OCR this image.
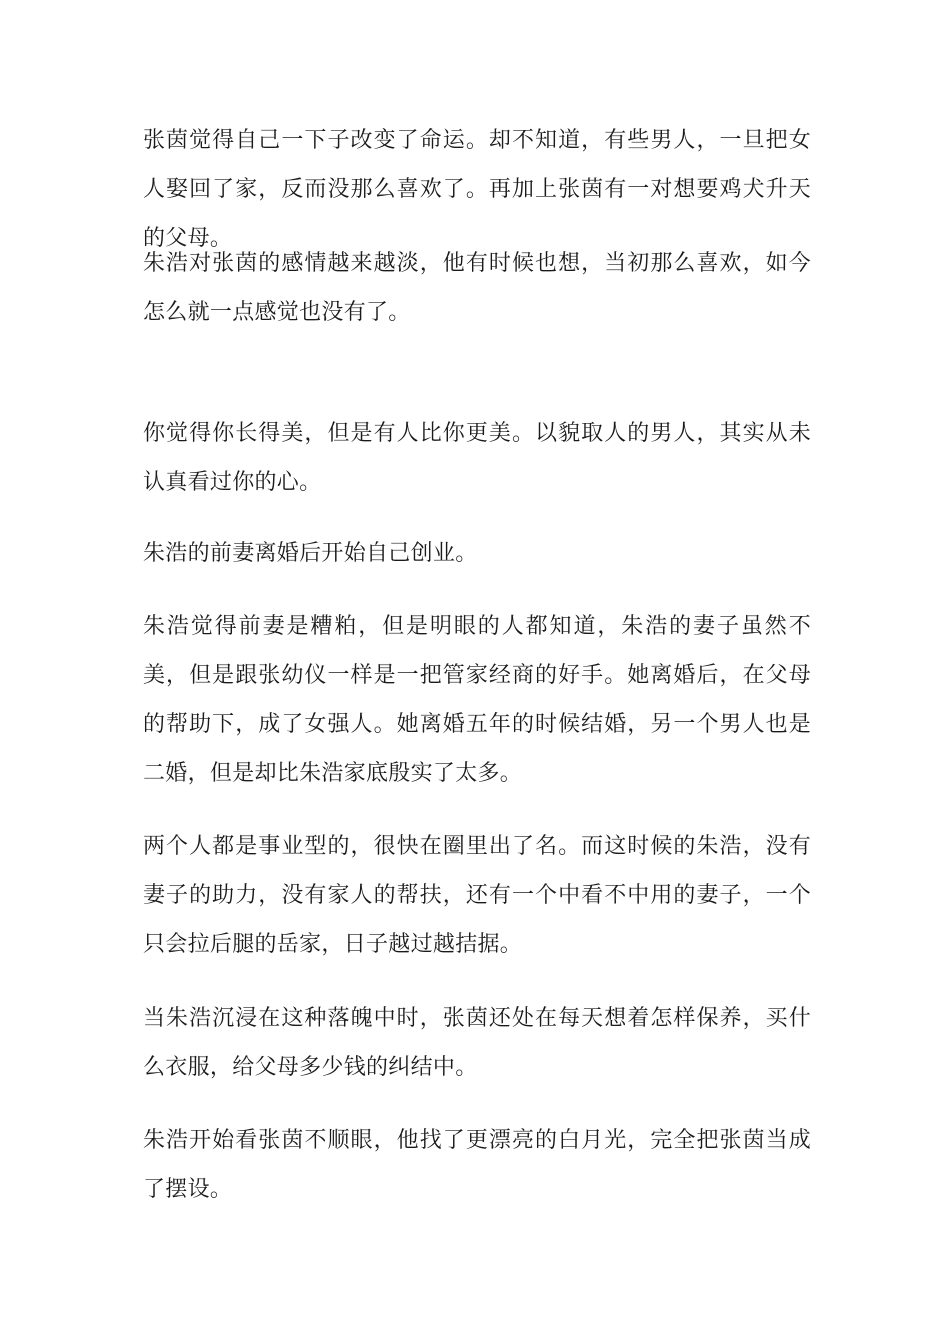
张茵觉得自己一下子改变了命运。却不知道，有些男人，一旦把女人娶回了家，反而没那么喜欢了。再加上张茵有一对想要鸡犬升天的父母。

朱浩对张茵的感情越来越淡，他有时候也想，当初那么喜欢，如今怎么就一点感觉也没有了。

你觉得你长得美，但是有人比你更美。以貌取人的男人，其实从未认真看过你的心。

朱浩的前妻离婚后开始自己创业。

朱浩觉得前妻是糟粕，但是明眼的人都知道，朱浩的妻子虽然不美，但是跟张幼仪一样是一把管家经商的好手。她离婚后，在父母的帮助下，成了女强人。她离婚五年的时候结婚，另一个男人也是二婚，但是却比朱浩家底殷实了太多。

两个人都是事业型的，很快在圈里出了名。而这时候的朱浩，没有妻子的助力，没有家人的帮扶，还有一个中看不中用的妻子，一个只会拉后腿的岳家，日子越过越拮据。

当朱浩沉浸在这种落魄中时，张茵还处在每天想着怎样保养，买什么衣服，给父母多少钱的纠结中。

朱浩开始看张茵不顺眼，他找了更漂亮的白月光，完全把张茵当成了摆设。
